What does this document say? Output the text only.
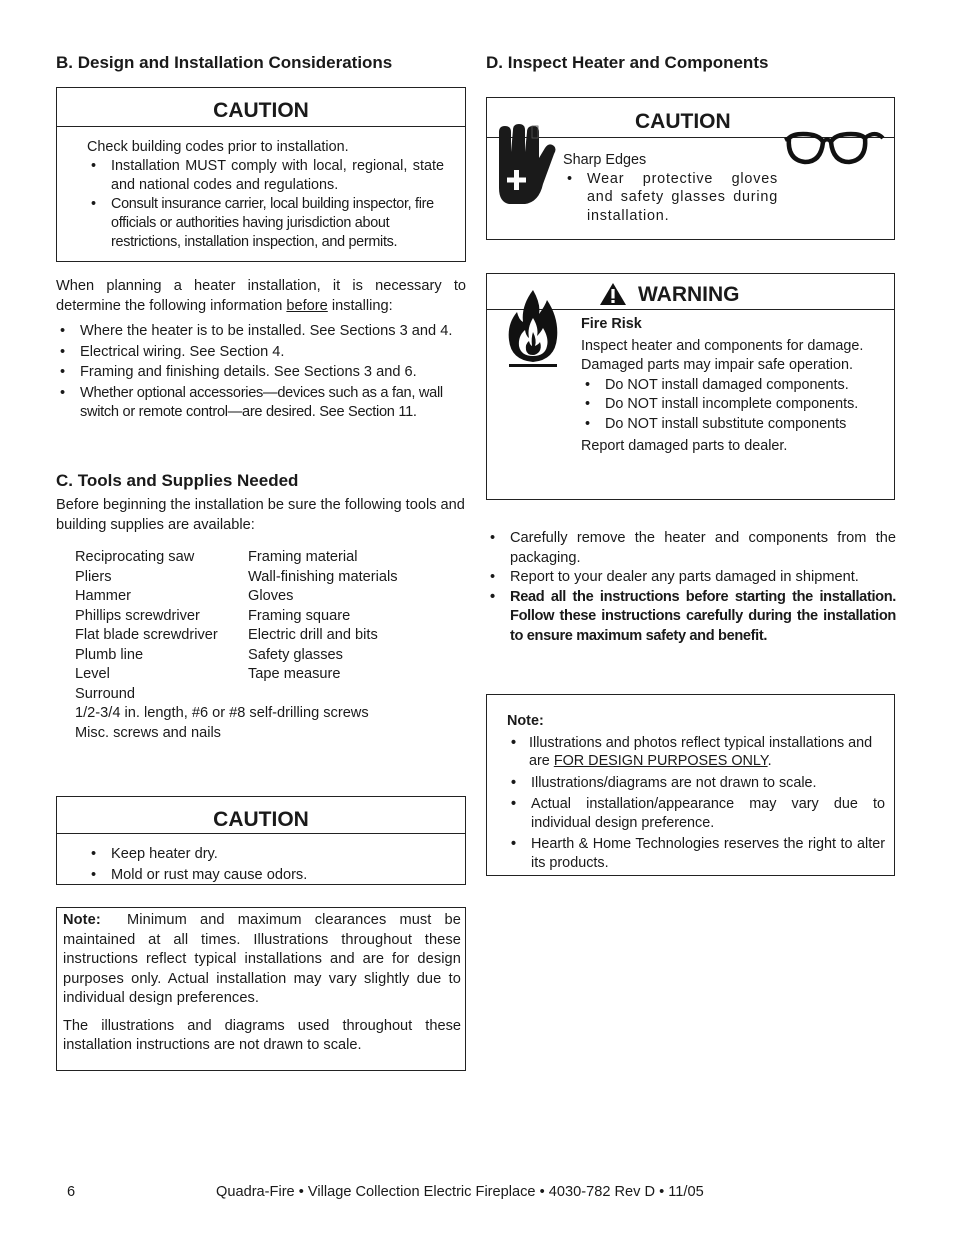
B. Design and Installation Considerations
CAUTION

Check building codes prior to installation.

• Installation MUST comply with local, regional, state and national codes and regulations.
• Consult insurance carrier, local building inspector, fire officials or authorities having jurisdiction about restrictions, installation inspection, and permits.

When planning a heater installation, it is necessary to determine the following information before installing:

• Where the heater is to be installed. See Sections 3 and 4.
• Electrical wiring. See Section 4.
• Framing and finishing details. See Sections 3 and 6.
• Whether optional accessories—devices such as a fan, wall switch or remote control—are desired. See Section 11.
C. Tools and Supplies Needed

Before beginning the installation be sure the following tools and building supplies are available:

Reciprocating saw
Pliers
Hammer
Phillips screwdriver
Flat blade screwdriver
Plumb line
Level
Surround
Framing material
Wall-finishing materials
Gloves
Framing square
Electric drill and bits
Safety glasses
Tape measure
1/2-3/4 in. length, #6 or #8 self-drilling screws
Misc. screws and nails
CAUTION
• Keep heater dry.
• Mold or rust may cause odors.

Note: Minimum and maximum clearances must be maintained at all times. Illustrations throughout these instructions reflect typical installations and are for design purposes only. Actual installation may vary slightly due to individual design preferences.

The illustrations and diagrams used throughout these installation instructions are not drawn to scale.

D. Inspect Heater and Components
CAUTION

Sharp Edges

• Wear protective gloves and safety glasses during installation.
WARNING

Fire Risk

Inspect heater and components for damage. Damaged parts may impair safe operation.

• Do NOT install damaged components.
• Do NOT install incomplete components.
• Do NOT install substitute components

Report damaged parts to dealer.

• Carefully remove the heater and components from the packaging.
• Report to your dealer any parts damaged in shipment.
• Read all the instructions before starting the installation. Follow these instructions carefully during the installation to ensure maximum safety and benefit.

Note:

• Illustrations and photos reflect typical installations and are FOR DESIGN PURPOSES ONLY.
• Illustrations/diagrams are not drawn to scale.
• Actual installation/appearance may vary due to individual design preference.
• Hearth & Home Technologies reserves the right to alter its products.
6	Quadra-Fire • Village Collection Electric Fireplace • 4030-782 Rev D • 11/05
